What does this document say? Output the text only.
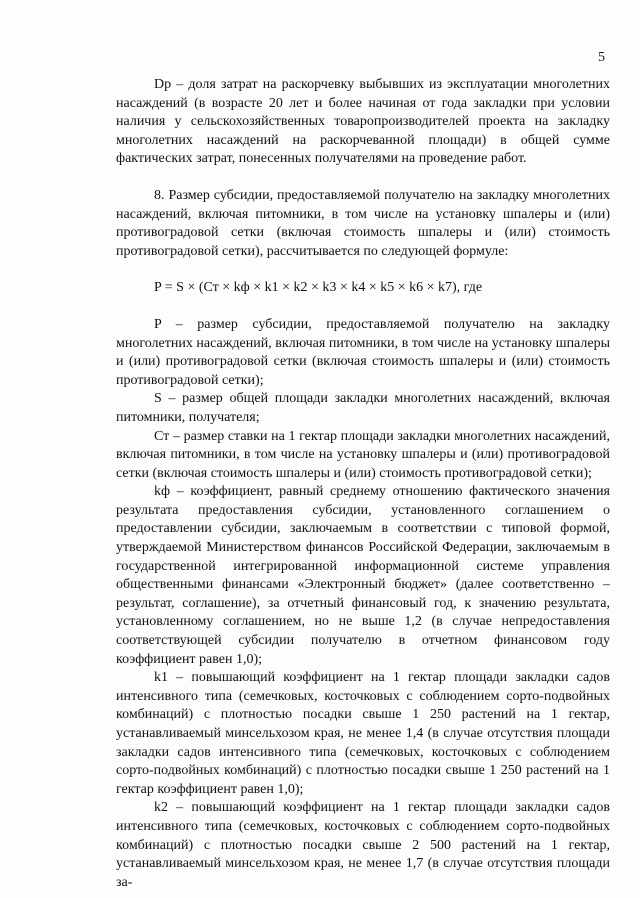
5

Dр – доля затрат на раскорчевку выбывших из эксплуатации многолетних насаждений (в возрасте 20 лет и более начиная от года закладки при условии наличия у сельскохозяйственных товаропроизводителей проекта на закладку многолетних насаждений на раскорчеванной площади) в общей сумме фактических затрат, понесенных получателями на проведение работ.

8. Размер субсидии, предоставляемой получателю на закладку многолетних насаждений, включая питомники, в том числе на установку шпалеры и (или) противоградовой сетки (включая стоимость шпалеры и (или) стоимость противоградовой сетки), рассчитывается по следующей формуле:

P = S × (Ст × kф × k1 × k2 × k3 × k4 × k5 × k6 × k7), где

P – размер субсидии, предоставляемой получателю на закладку многолетних насаждений, включая питомники, в том числе на установку шпалеры и (или) противоградовой сетки (включая стоимость шпалеры и (или) стоимость противоградовой сетки);

S – размер общей площади закладки многолетних насаждений, включая питомники, получателя;

Ст – размер ставки на 1 гектар площади закладки многолетних насаждений, включая питомники, в том числе на установку шпалеры и (или) противоградовой сетки (включая стоимость шпалеры и (или) стоимость противоградовой сетки);

kф – коэффициент, равный среднему отношению фактического значения результата предоставления субсидии, установленного соглашением о предоставлении субсидии, заключаемым в соответствии с типовой формой, утверждаемой Министерством финансов Российской Федерации, заключаемым в государственной интегрированной информационной системе управления общественными финансами «Электронный бюджет» (далее соответственно – результат, соглашение), за отчетный финансовый год, к значению результата, установленному соглашением, но не выше 1,2 (в случае непредоставления соответствующей субсидии получателю в отчетном финансовом году коэффициент равен 1,0);

k1 – повышающий коэффициент на 1 гектар площади закладки садов интенсивного типа (семечковых, косточковых с соблюдением сорто-подвойных комбинаций) с плотностью посадки свыше 1 250 растений на 1 гектар, устанавливаемый минсельхозом края, не менее 1,4 (в случае отсутствия площади закладки садов интенсивного типа (семечковых, косточковых с соблюдением сорто-подвойных комбинаций) с плотностью посадки свыше 1 250 растений на 1 гектар коэффициент равен 1,0);

k2 – повышающий коэффициент на 1 гектар площади закладки садов интенсивного типа (семечковых, косточковых с соблюдением сорто-подвойных комбинаций) с плотностью посадки свыше 2 500 растений на 1 гектар, устанавливаемый минсельхозом края, не менее 1,7 (в случае отсутствия площади за-
